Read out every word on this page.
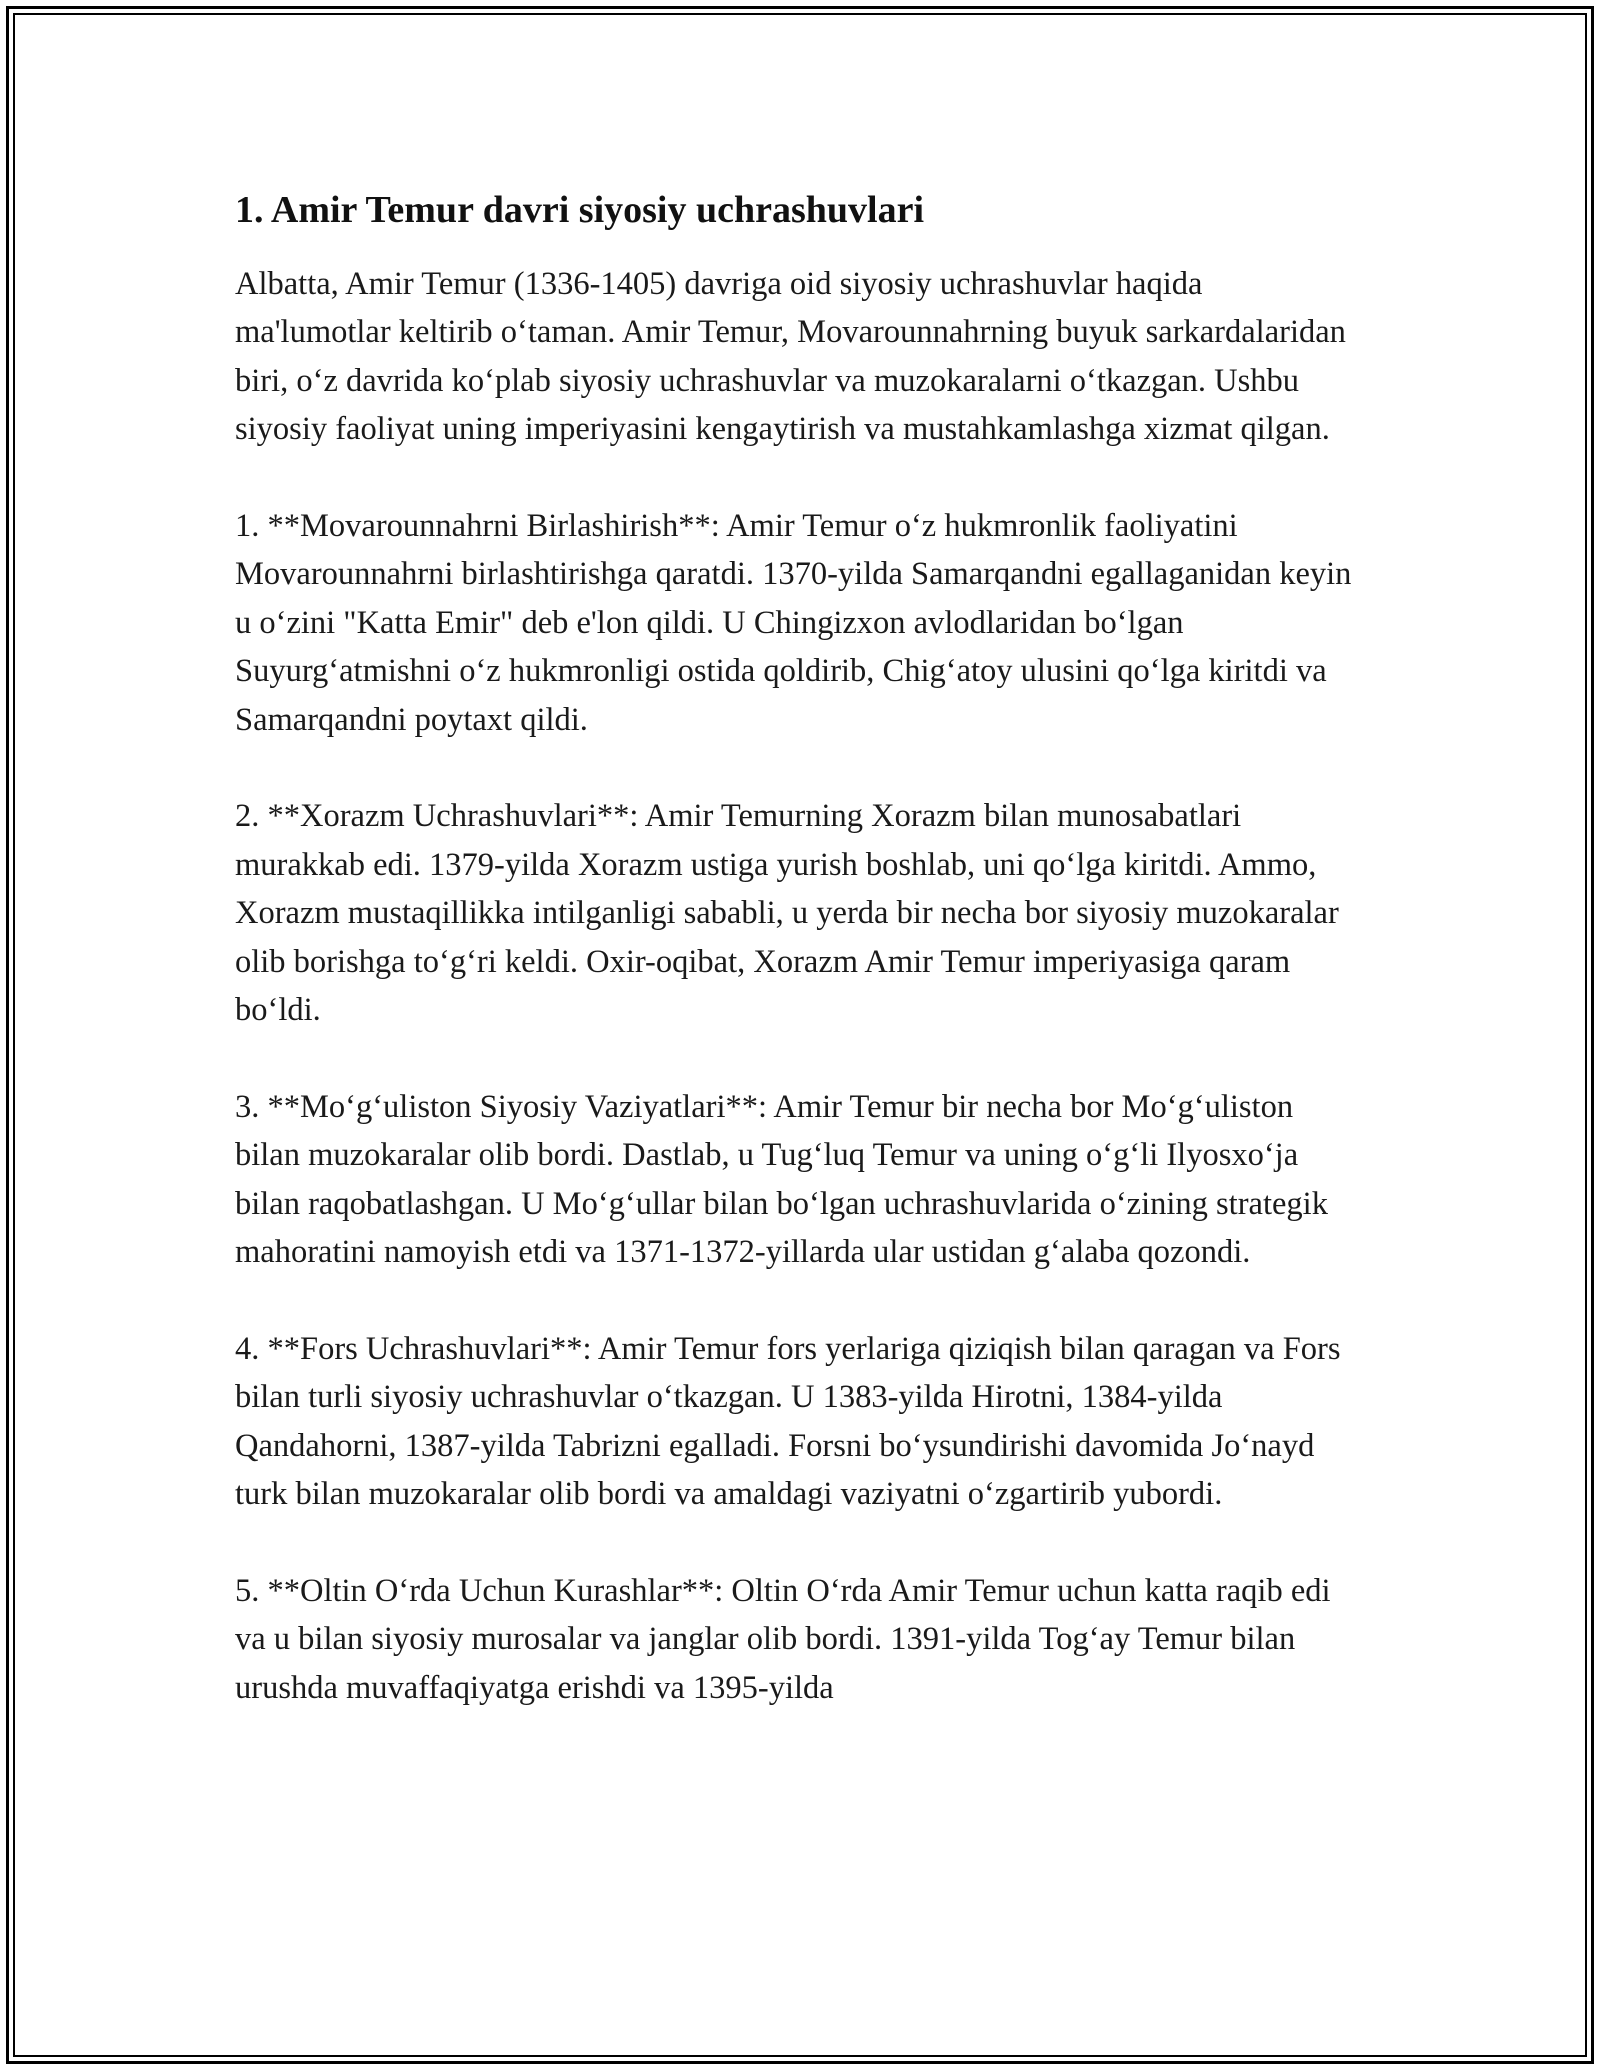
1. Amir Temur davri siyosiy uchrashuvlari

Albatta, Amir Temur (1336-1405) davriga oid siyosiy uchrashuvlar haqida ma'lumotlar keltirib oʻtaman. Amir Temur, Movarounnahrning buyuk sarkardalaridan biri, oʻz davrida koʻplab siyosiy uchrashuvlar va muzokaralarni oʻtkazgan. Ushbu siyosiy faoliyat uning imperiyasini kengaytirish va mustahkamlashga xizmat qilgan.

1. **Movarounnahrni Birlashirish**: Amir Temur oʻz hukmronlik faoliyatini Movarounnahrni birlashtirishga qaratdi. 1370-yilda Samarqandni egallaganidan keyin u oʻzini "Katta Emir" deb e'lon qildi. U Chingizxon avlodlaridan boʻlgan Suyurgʻatmishni oʻz hukmronligi ostida qoldirib, Chigʻatoy ulusini qoʻlga kiritdi va Samarqandni poytaxt qildi.

2. **Xorazm Uchrashuvlari**: Amir Temurning Xorazm bilan munosabatlari murakkab edi. 1379-yilda Xorazm ustiga yurish boshlab, uni qoʻlga kiritdi. Ammo, Xorazm mustaqillikka intilganligi sababli, u yerda bir necha bor siyosiy muzokaralar olib borishga toʻgʻri keldi. Oxir-oqibat, Xorazm Amir Temur imperiyasiga qaram boʻldi.

3. **Moʻgʻuliston Siyosiy Vaziyatlari**: Amir Temur bir necha bor Moʻgʻuliston bilan muzokaralar olib bordi. Dastlab, u Tugʻluq Temur va uning oʻgʻli Ilyosxoʻja bilan raqobatlashgan. U Moʻgʻullar bilan boʻlgan uchrashuvlarida oʻzining strategik mahoratini namoyish etdi va 1371-1372-yillarda ular ustidan gʻalaba qozondi.

4. **Fors Uchrashuvlari**: Amir Temur fors yerlariga qiziqish bilan qaragan va Fors bilan turli siyosiy uchrashuvlar oʻtkazgan. U 1383-yilda Hirotni, 1384-yilda Qandahorni, 1387-yilda Tabrizni egalladi. Forsni boʻysundirishi davomida Joʻnayd turk bilan muzokaralar olib bordi va amaldagi vaziyatni oʻzgartirib yubordi.

5. **Oltin Oʻrda Uchun Kurashlar**: Oltin Oʻrda Amir Temur uchun katta raqib edi va u bilan siyosiy murosalar va janglar olib bordi. 1391-yilda Togʻay Temur bilan urushda muvaffaqiyatga erishdi va 1395-yilda
